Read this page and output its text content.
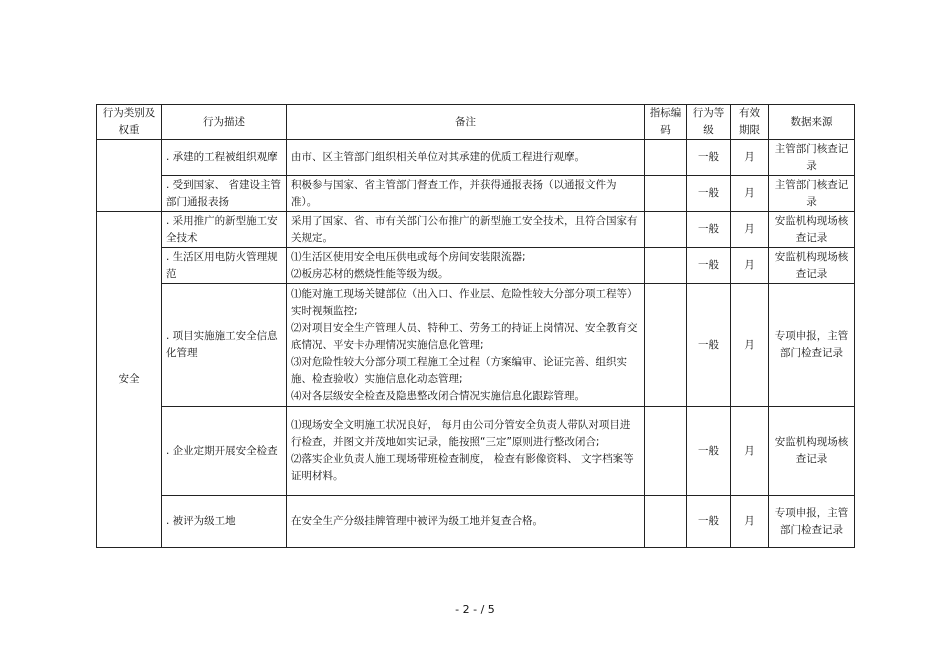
行为类别及权重	行为描述	备注	指标编码	行为等级	有效期限	数据来源
	. 承建的工程被组织观摩	由市、区主管部门组织相关单位对其承建的优质工程进行观摩。		一般	月	主管部门核查记录
	. 受到国家、 省建设主管部门通报表扬	积极参与国家、省主管部门督查工作，并获得通报表扬（以通报文件为准）。		一般	月	主管部门核查记录
安全	. 采用推广的新型施工安全技术	采用了国家、省、市有关部门公布推广的新型施工安全技术，且符合国家有关规定。		一般	月	安监机构现场核查记录
	. 生活区用电防火管理规范	⑴生活区使用安全电压供电或每个房间安装限流器;
⑵板房芯材的燃烧性能等级为级。		一般	月	安监机构现场核查记录
	. 项目实施施工安全信息化管理	⑴能对施工现场关键部位（出入口、作业层、危险性较大分部分项工程等）实时视频监控;
⑵对项目安全生产管理人员、特种工、劳务工的持证上岗情况、安全教育交底情况、平安卡办理情况实施信息化管理;
⑶对危险性较大分部分项工程施工全过程（方案编审、论证完善、组织实施、检查验收）实施信息化动态管理;
⑷对各层级安全检查及隐患整改闭合情况实施信息化跟踪管理。		一般	月	专项申报，主管部门检查记录
	. 企业定期开展安全检查	⑴现场安全文明施工状况良好， 每月由公司分管安全负责人带队对项目进行检查，并图文并茂地如实记录，能按照“三定”原则进行整改闭合;
⑵落实企业负责人施工现场带班检查制度， 检查有影像资料、 文字档案等证明材料。		一般	月	安监机构现场核查记录
	. 被评为级工地	在安全生产分级挂牌管理中被评为级工地并复查合格。		一般	月	专项申报，主管部门检查记录
- 2 - / 5
